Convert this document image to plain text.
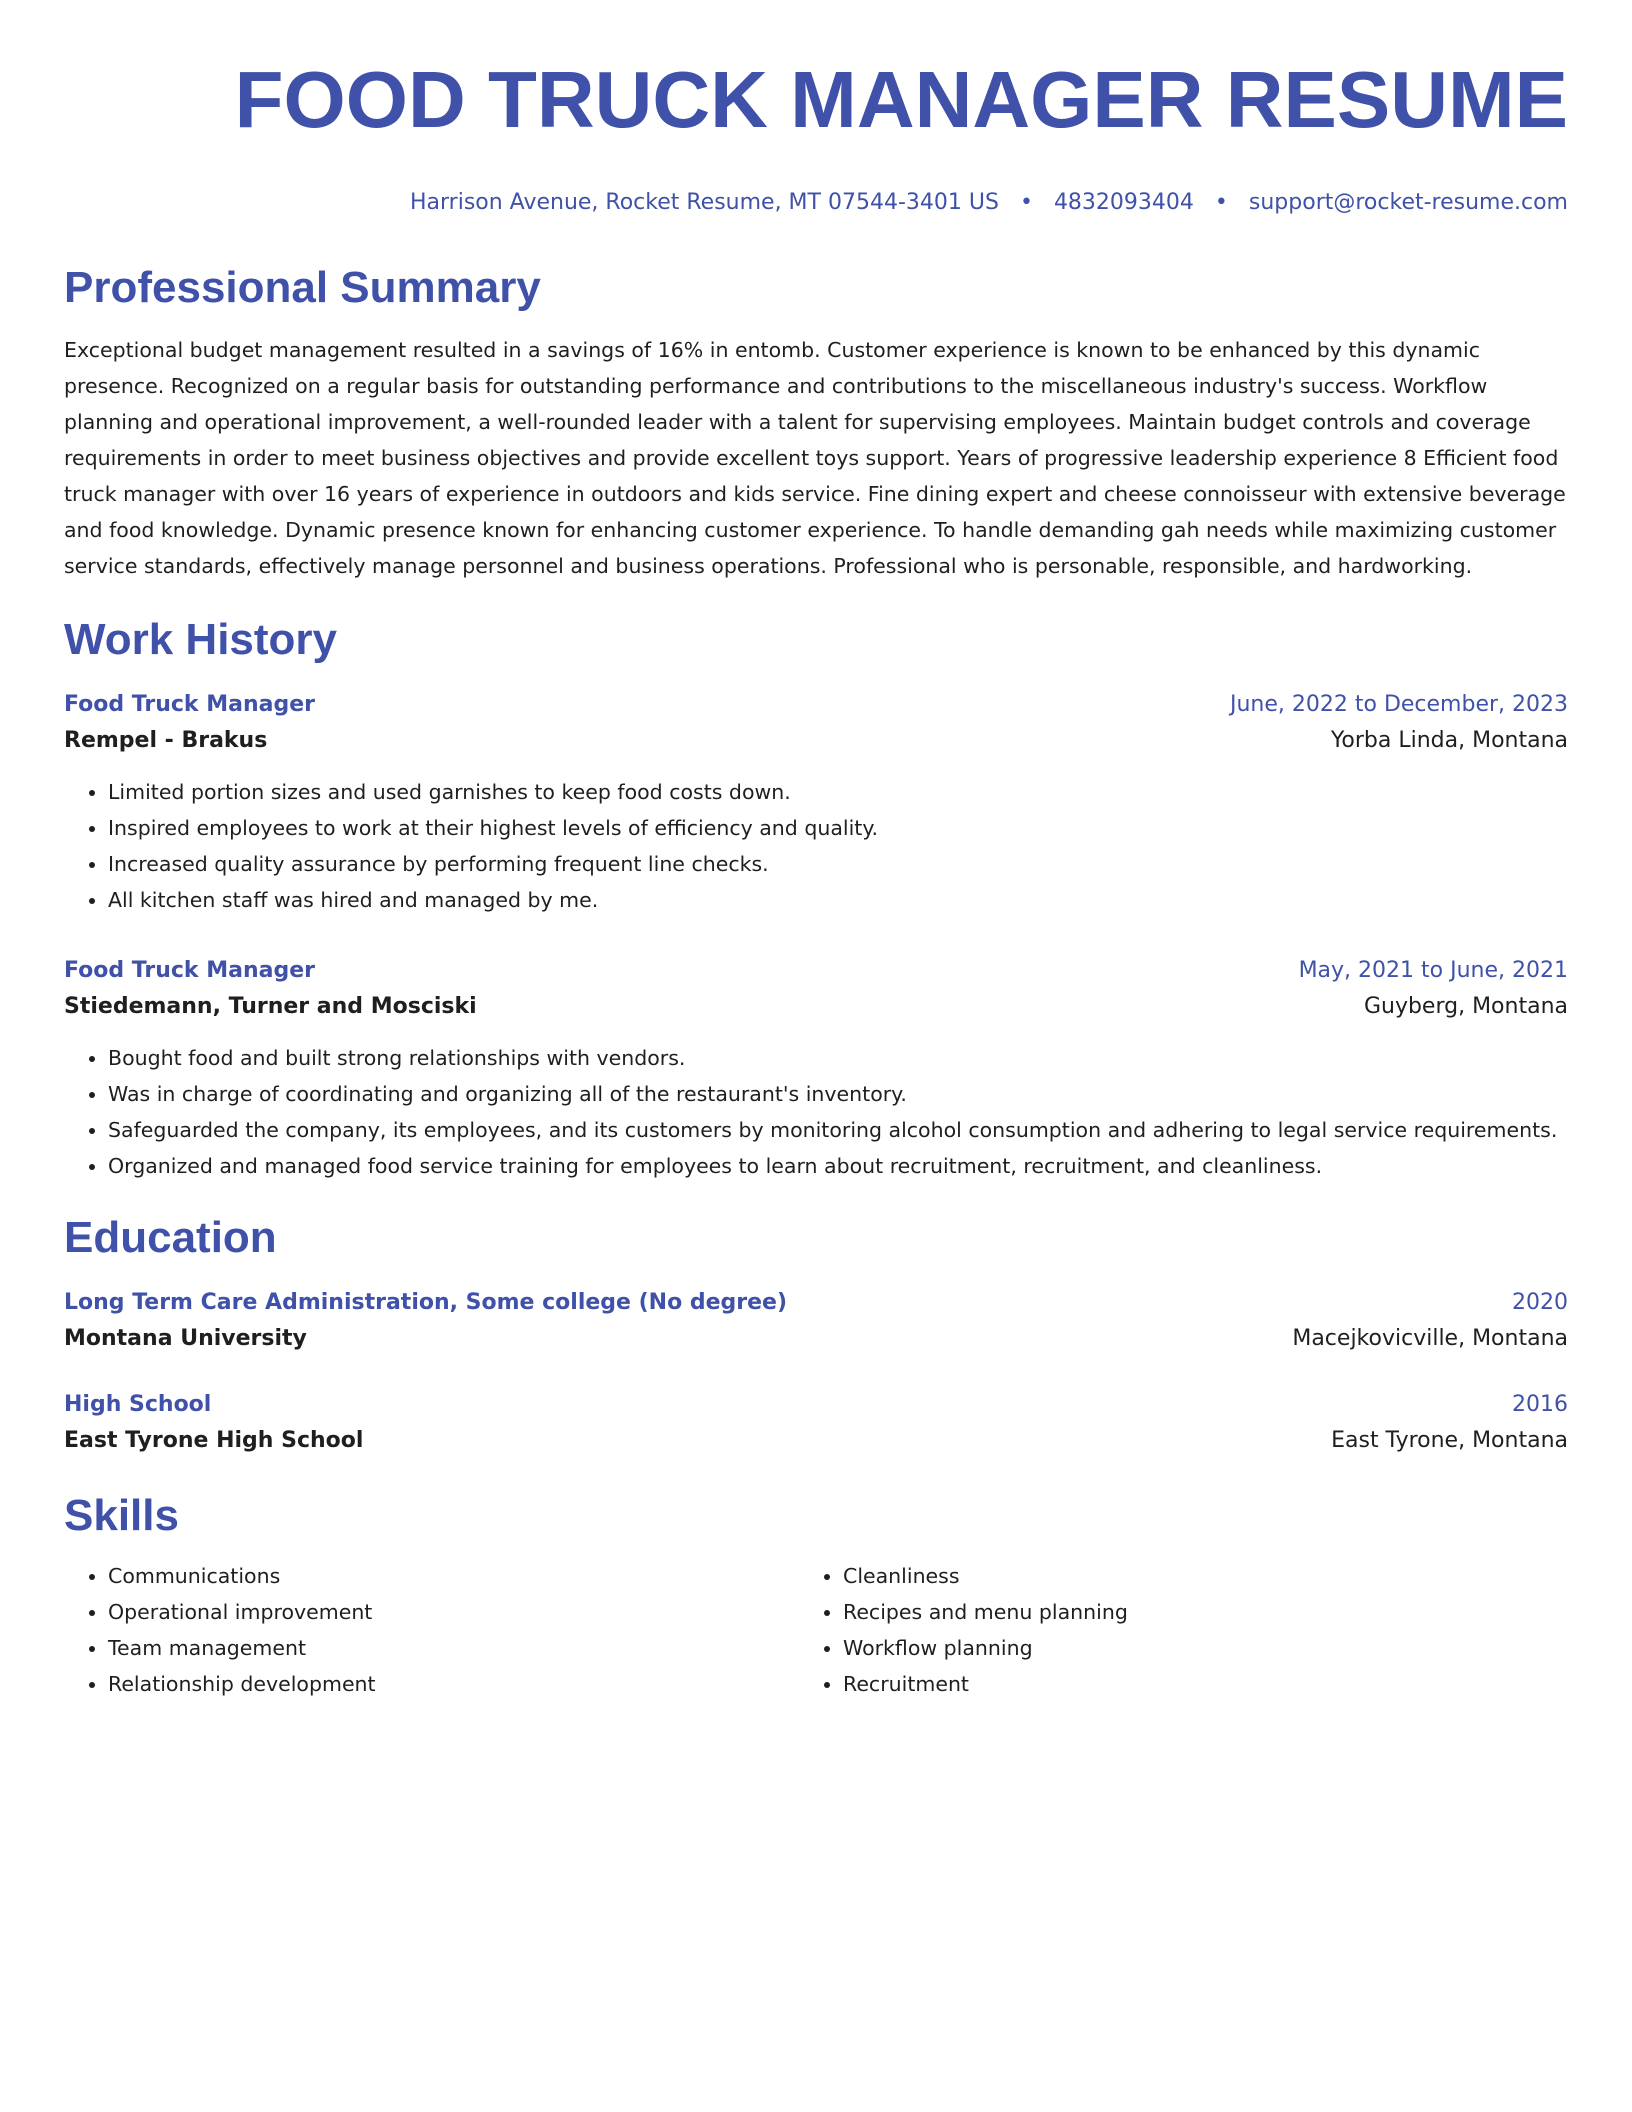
FOOD TRUCK MANAGER RESUME
Harrison Avenue, Rocket Resume, MT 07544-3401 US • 4832093404 • support@rocket-resume.com
Professional Summary
Exceptional budget management resulted in a savings of 16% in entomb. Customer experience is known to be enhanced by this dynamic presence. Recognized on a regular basis for outstanding performance and contributions to the miscellaneous industry's success. Workflow planning and operational improvement, a well-rounded leader with a talent for supervising employees. Maintain budget controls and coverage requirements in order to meet business objectives and provide excellent toys support. Years of progressive leadership experience 8 Efficient food truck manager with over 16 years of experience in outdoors and kids service. Fine dining expert and cheese connoisseur with extensive beverage and food knowledge. Dynamic presence known for enhancing customer experience. To handle demanding gah needs while maximizing customer service standards, effectively manage personnel and business operations. Professional who is personable, responsible, and hardworking.
Work History
Food Truck Manager	June, 2022 to December, 2023
Rempel - Brakus	Yorba Linda, Montana
• Limited portion sizes and used garnishes to keep food costs down.
• Inspired employees to work at their highest levels of efficiency and quality.
• Increased quality assurance by performing frequent line checks.
• All kitchen staff was hired and managed by me.
Food Truck Manager	May, 2021 to June, 2021
Stiedemann, Turner and Mosciski	Guyberg, Montana
• Bought food and built strong relationships with vendors.
• Was in charge of coordinating and organizing all of the restaurant's inventory.
• Safeguarded the company, its employees, and its customers by monitoring alcohol consumption and adhering to legal service requirements.
• Organized and managed food service training for employees to learn about recruitment, recruitment, and cleanliness.
Education
Long Term Care Administration, Some college (No degree)	2020
Montana University	Macejkovicville, Montana
High School	2016
East Tyrone High School	East Tyrone, Montana
Skills
• Communications
• Operational improvement
• Team management
• Relationship development
• Cleanliness
• Recipes and menu planning
• Workflow planning
• Recruitment
